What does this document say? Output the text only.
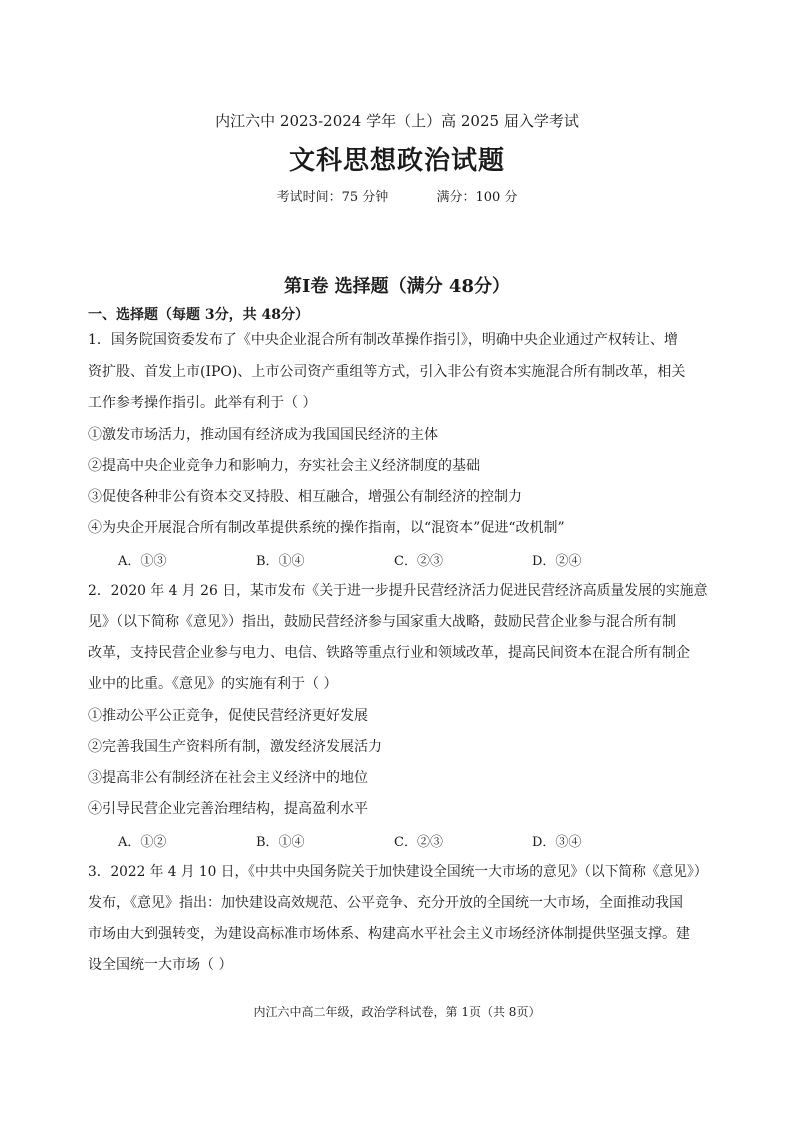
内江六中 2023-2024 学年（上）高 2025 届入学考试
文科思想政治试题
考试时间：75 分钟	满分：100 分
第Ⅰ卷 选择题（满分 48分）
一、选择题（每题 3分，共 48分）
1．国务院国资委发布了《中央企业混合所有制改革操作指引》，明确中央企业通过产权转让、增
资扩股、首发上市(IPO)、上市公司资产重组等方式，引入非公有资本实施混合所有制改革，相关
工作参考操作指引。此举有利于（ ）
①激发市场活力，推动国有经济成为我国国民经济的主体
②提高中央企业竞争力和影响力，夯实社会主义经济制度的基础
③促使各种非公有资本交叉持股、相互融合，增强公有制经济的控制力
④为央企开展混合所有制改革提供系统的操作指南，以“混资本”促进“改机制”
A．①③	B．①④	C．②③	D．②④
2．2020 年 4 月 26 日，某市发布《关于进一步提升民营经济活力促进民营经济高质量发展的实施意
见》（以下简称《意见》）指出，鼓励民营经济参与国家重大战略，鼓励民营企业参与混合所有制
改革，支持民营企业参与电力、电信、铁路等重点行业和领域改革，提高民间资本在混合所有制企
业中的比重。《意见》的实施有利于（ ）
①推动公平公正竞争，促使民营经济更好发展
②完善我国生产资料所有制，激发经济发展活力
③提高非公有制经济在社会主义经济中的地位
④引导民营企业完善治理结构，提高盈利水平
A．①②	B．①④	C．②③	D．③④
3．2022 年 4 月 10 日，《中共中央国务院关于加快建设全国统一大市场的意见》（以下简称《意见》）
发布，《意见》指出：加快建设高效规范、公平竞争、充分开放的全国统一大市场，全面推动我国
市场由大到强转变，为建设高标准市场体系、构建高水平社会主义市场经济体制提供坚强支撑。建
设全国统一大市场（ ）
内江六中高二年级，政治学科试卷，第 1页（共 8页）
